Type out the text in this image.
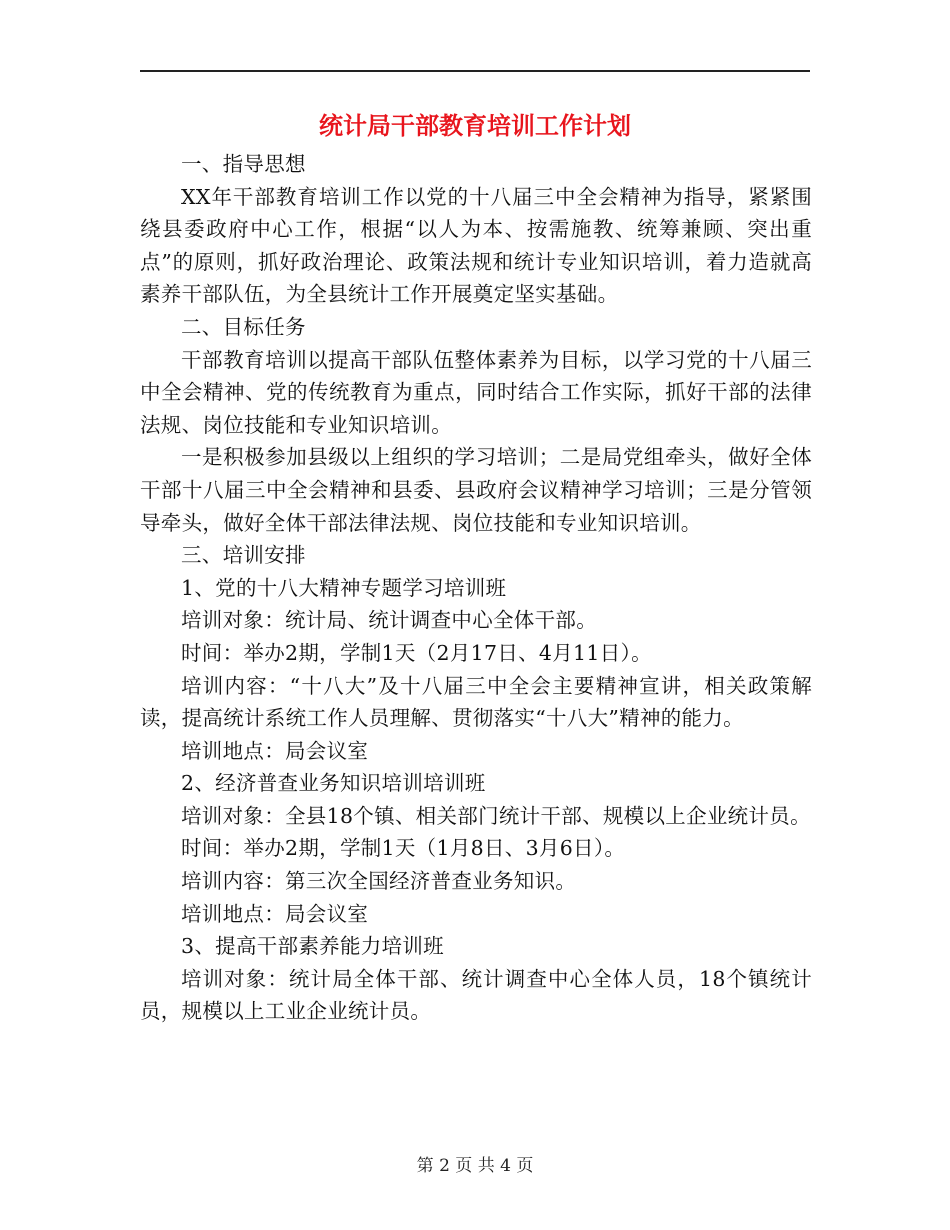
统计局干部教育培训工作计划

一、指导思想

XX年干部教育培训工作以党的十八届三中全会精神为指导，紧紧围绕县委政府中心工作，根据“以人为本、按需施教、统筹兼顾、突出重点”的原则，抓好政治理论、政策法规和统计专业知识培训，着力造就高素养干部队伍，为全县统计工作开展奠定坚实基础。

二、目标任务

干部教育培训以提高干部队伍整体素养为目标，以学习党的十八届三中全会精神、党的传统教育为重点，同时结合工作实际，抓好干部的法律法规、岗位技能和专业知识培训。

一是积极参加县级以上组织的学习培训；二是局党组牵头，做好全体干部十八届三中全会精神和县委、县政府会议精神学习培训；三是分管领导牵头，做好全体干部法律法规、岗位技能和专业知识培训。

三、培训安排

1、党的十八大精神专题学习培训班

培训对象：统计局、统计调查中心全体干部。

时间：举办2期，学制1天（2月17日、4月11日）。

培训内容：“十八大”及十八届三中全会主要精神宣讲，相关政策解读，提高统计系统工作人员理解、贯彻落实“十八大”精神的能力。

培训地点：局会议室

2、经济普查业务知识培训培训班

培训对象：全县18个镇、相关部门统计干部、规模以上企业统计员。

时间：举办2期，学制1天（1月8日、3月6日）。

培训内容：第三次全国经济普查业务知识。

培训地点：局会议室

3、提高干部素养能力培训班

培训对象：统计局全体干部、统计调查中心全体人员，18个镇统计员，规模以上工业企业统计员。

第 2 页 共 4 页
